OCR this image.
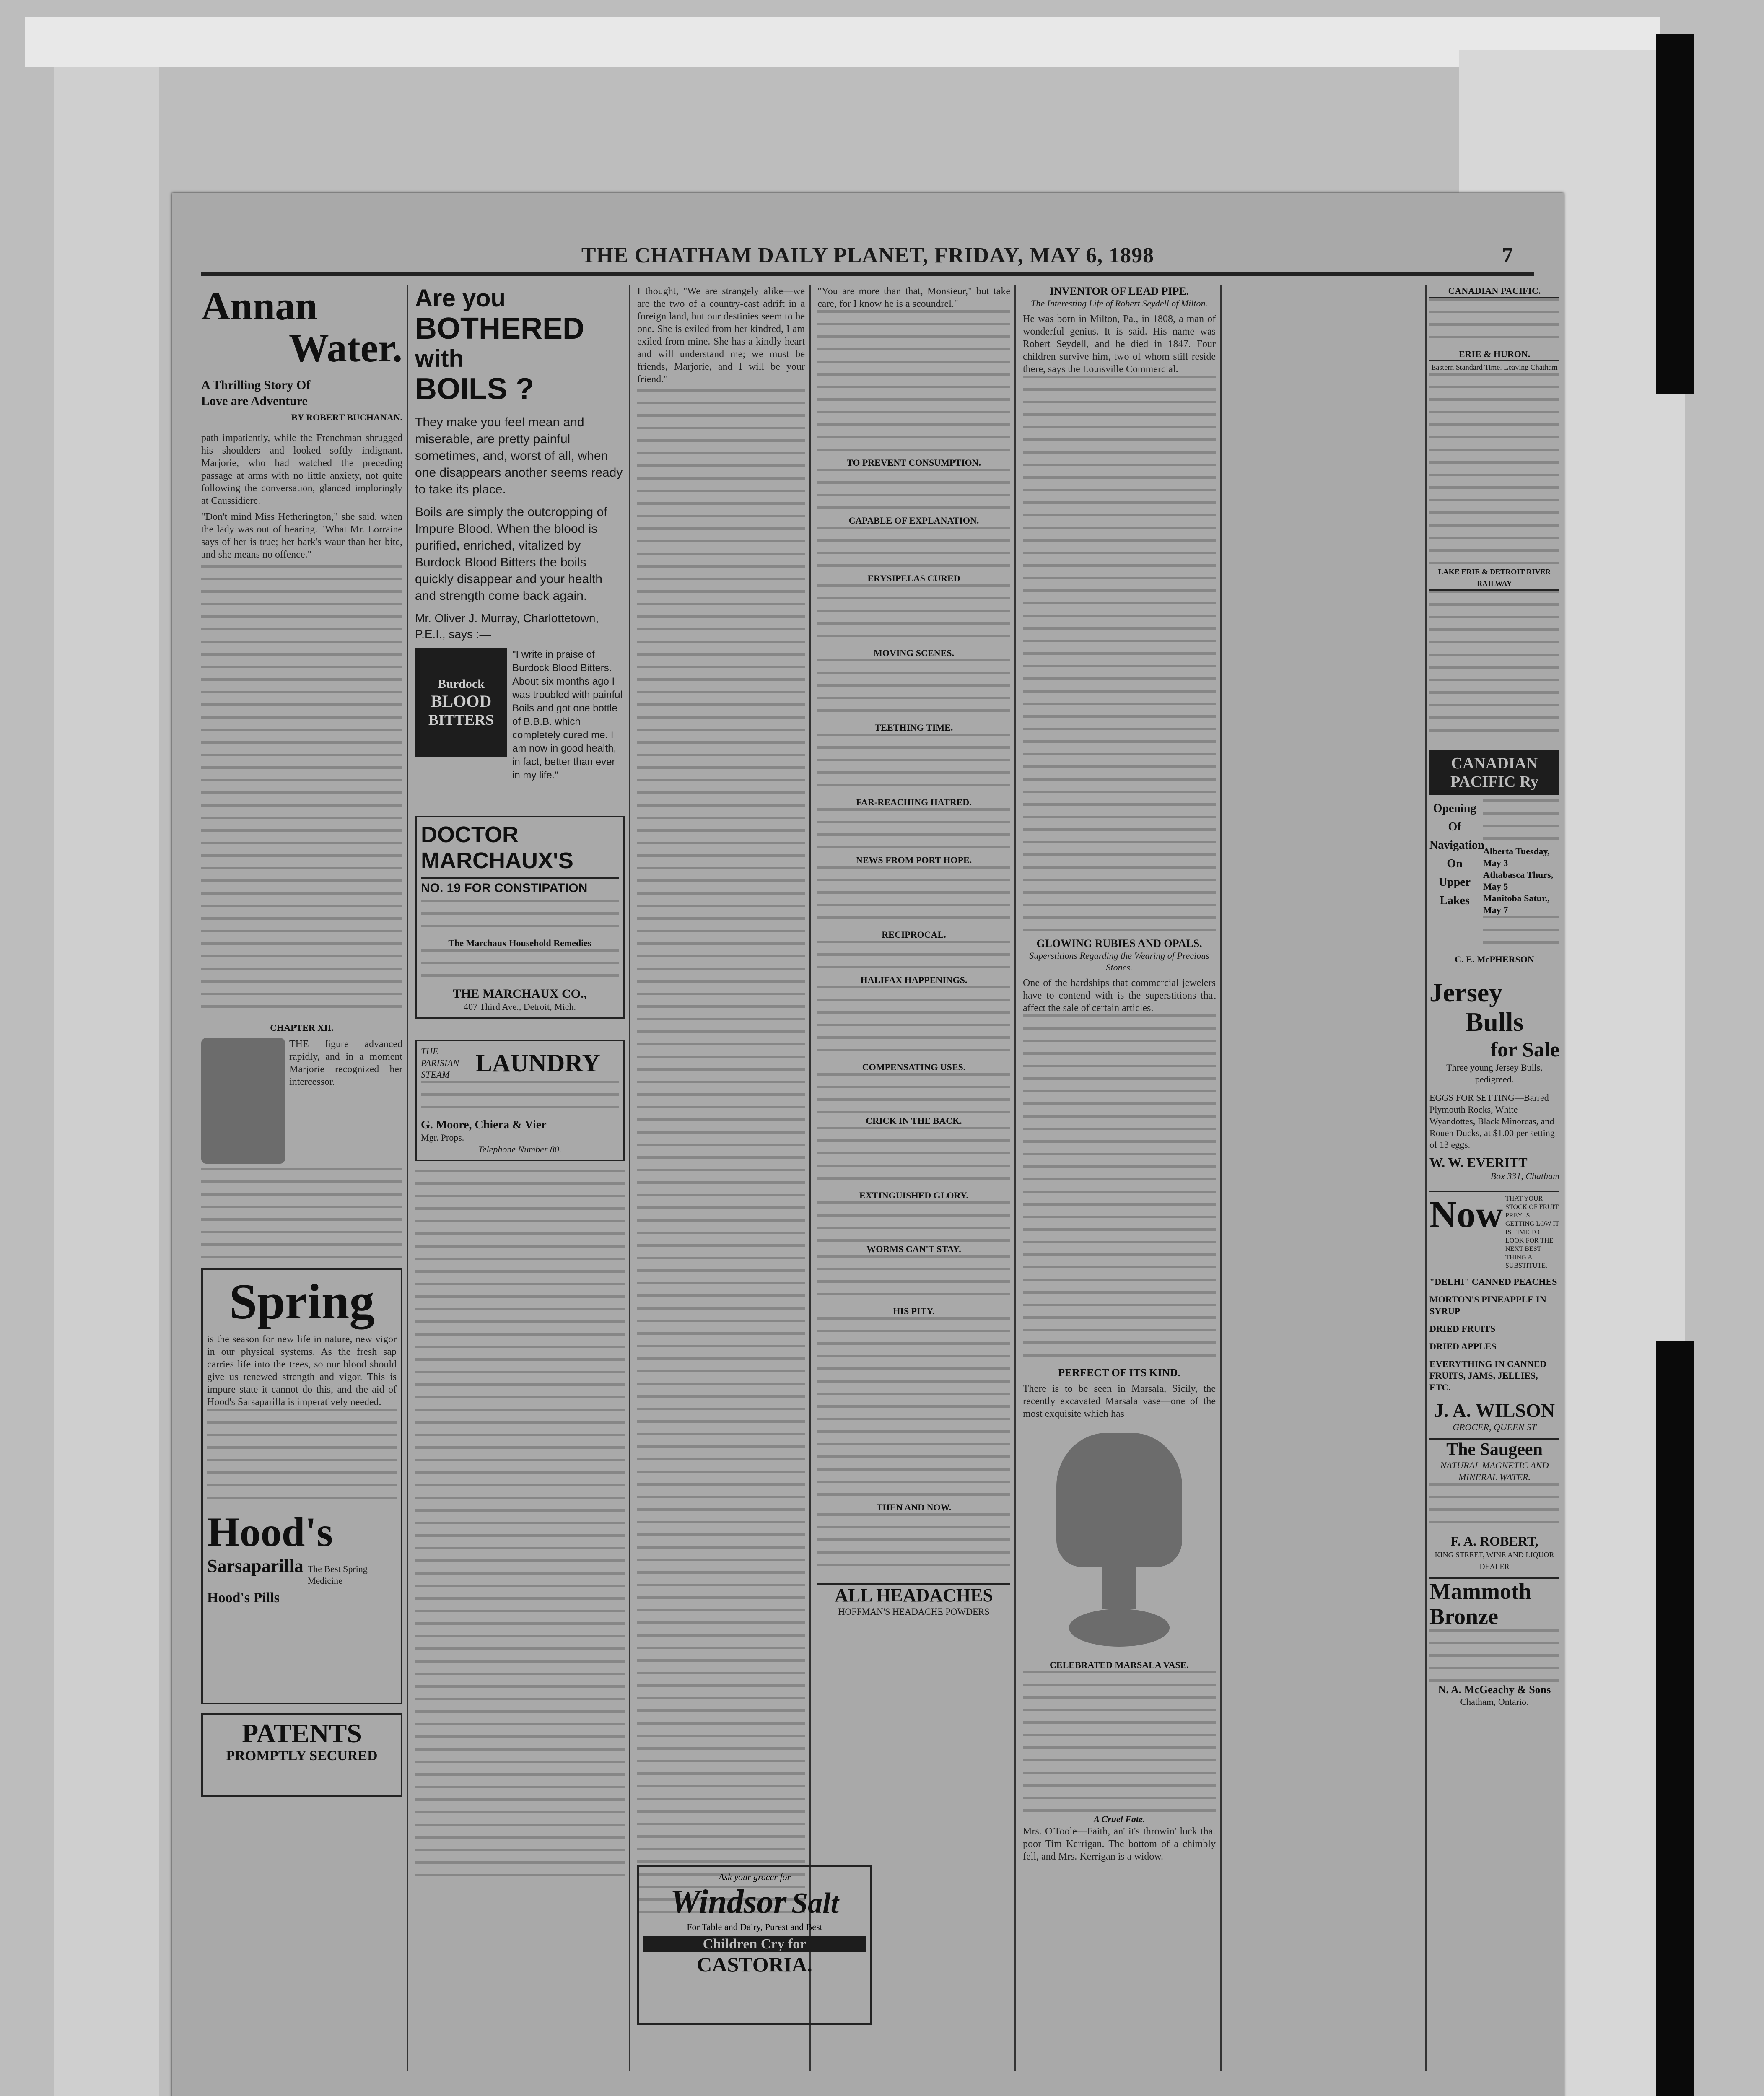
THE CHATHAM DAILY PLANET, FRIDAY, MAY 6, 1898	7
Annan
Water.
A Thrilling Story Of Love are Adventure
BY ROBERT BUCHANAN.
path impatiently, while the Frenchman shrugged his shoulders and looked softly indignant. Marjorie, who had watched the preceding passage at arms with no little anxiety, not quite following the conversation, glanced imploringly at Caussidiere.
"Don't mind Miss Hetherington," she said, when the lady was out of hearing. "What Mr. Lorraine says of her is true; her bark's waur than her bite, and she means no offence."
CHAPTER XII.
THE figure advanced rapidly, and in a moment Marjorie recognized her intercessor.
Spring
is the season for new life in nature, new vigor in our physical systems. As the fresh sap carries life into the trees, so our blood should give us renewed strength and vigor. This is impure state it cannot do this, and the aid of Hood's Sarsaparilla is imperatively needed.
Hood's
Sarsaparilla The Best Spring Medicine
Hood's Pills
PATENTS
PROMPTLY SECURED
Are you
BOTHERED
with
BOILS ?
They make you feel mean and miserable, are pretty painful sometimes, and, worst of all, when one disappears another seems ready to take its place.
Boils are simply the outcropping of Impure Blood. When the blood is purified, enriched, vitalized by Burdock Blood Bitters the boils quickly disappear and your health and strength come back again.
Mr. Oliver J. Murray, Charlottetown, P.E.I., says :—
Burdock
BLOOD
BITTERS
"I write in praise of Burdock Blood Bitters. About six months ago I was troubled with painful Boils and got one bottle of B.B.B. which completely cured me. I am now in good health, in fact, better than ever in my life."
DOCTOR
MARCHAUX'S
NO. 19 FOR CONSTIPATION
The Marchaux Household Remedies
THE MARCHAUX CO.,
407 Third Ave., Detroit, Mich.
THE PARISIAN STEAM	LAUNDRY
G. Moore, Chiera & Vier
Mgr. Props.
Telephone Number 80.
I thought, "We are strangely alike—we are the two of a country-cast adrift in a foreign land, but our destinies seem to be one. She is exiled from her kindred, I am exiled from mine. She has a kindly heart and will understand me; we must be friends, Marjorie, and I will be your friend."
Ask your grocer for
Windsor Salt
For Table and Dairy, Purest and Best
Children Cry for
CASTORIA.
"You are more than that, Monsieur," but take care, for I know he is a scoundrel."
TO PREVENT CONSUMPTION.
CAPABLE OF EXPLANATION.
ERYSIPELAS CURED
MOVING SCENES.
TEETHING TIME.
FAR-REACHING HATRED.
NEWS FROM PORT HOPE.
RECIPROCAL.
HALIFAX HAPPENINGS.
COMPENSATING USES.
CRICK IN THE BACK.
EXTINGUISHED GLORY.
WORMS CAN'T STAY.
HIS PITY.
THEN AND NOW.
ALL HEADACHES
HOFFMAN'S HEADACHE POWDERS
INVENTOR OF LEAD PIPE.
The Interesting Life of Robert Seydell of Milton.
He was born in Milton, Pa., in 1808, a man of wonderful genius. It is said. His name was Robert Seydell, and he died in 1847. Four children survive him, two of whom still reside there, says the Louisville Commercial.
GLOWING RUBIES AND OPALS.
Superstitions Regarding the Wearing of Precious Stones.
One of the hardships that commercial jewelers have to contend with is the superstitions that affect the sale of certain articles.
PERFECT OF ITS KIND.
There is to be seen in Marsala, Sicily, the recently excavated Marsala vase—one of the most exquisite which has
CELEBRATED MARSALA VASE.
A Cruel Fate.
Mrs. O'Toole—Faith, an' it's throwin' luck that poor Tim Kerrigan. The bottom of a chimbly fell, and Mrs. Kerrigan is a widow.
CANADIAN PACIFIC.
ERIE & HURON.
Eastern Standard Time. Leaving Chatham
LAKE ERIE & DETROIT RIVER RAILWAY
CANADIAN PACIFIC Ry
Opening
Of
Navigation
On
Upper
Lakes
Alberta Tuesday, May 3
Athabasca Thurs, May 5
Manitoba Satur., May 7
C. E. McPHERSON
Jersey
Bulls
for Sale
Three young Jersey Bulls, pedigreed.
EGGS FOR SETTING—Barred Plymouth Rocks, White Wyandottes, Black Minorcas, and Rouen Ducks, at $1.00 per setting of 13 eggs.
W. W. EVERITT
Box 331, Chatham
Now THAT YOUR STOCK OF FRUIT PREY IS GETTING LOW IT IS TIME TO LOOK FOR THE NEXT BEST THING A SUBSTITUTE.
"DELHI" CANNED PEACHES
MORTON'S PINEAPPLE IN SYRUP
DRIED FRUITS
DRIED APPLES
EVERYTHING IN CANNED FRUITS, JAMS, JELLIES, ETC.
J. A. WILSON
GROCER, QUEEN ST
The Saugeen
NATURAL MAGNETIC AND MINERAL WATER.
F. A. ROBERT,
KING STREET, WINE AND LIQUOR DEALER
Mammoth
Bronze
N. A. McGeachy & Sons
Chatham, Ontario.
